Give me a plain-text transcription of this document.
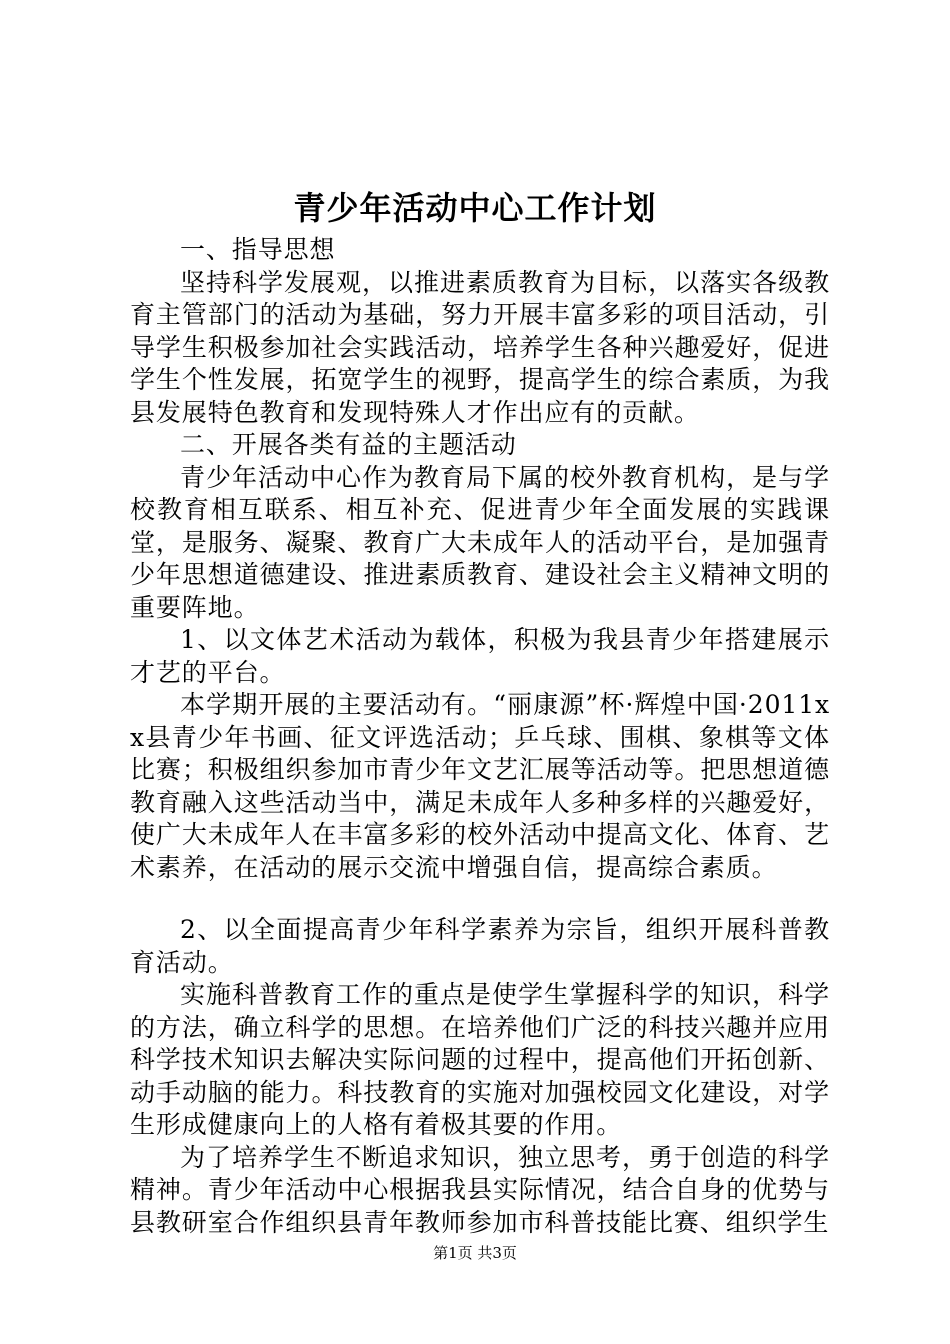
青少年活动中心工作计划

一、指导思想

坚持科学发展观，以推进素质教育为目标，以落实各级教育主管部门的活动为基础，努力开展丰富多彩的项目活动，引导学生积极参加社会实践活动，培养学生各种兴趣爱好，促进学生个性发展，拓宽学生的视野，提高学生的综合素质，为我县发展特色教育和发现特殊人才作出应有的贡献。

二、开展各类有益的主题活动

青少年活动中心作为教育局下属的校外教育机构，是与学校教育相互联系、相互补充、促进青少年全面发展的实践课堂，是服务、凝聚、教育广大未成年人的活动平台，是加强青少年思想道德建设、推进素质教育、建设社会主义精神文明的重要阵地。

1、以文体艺术活动为载体，积极为我县青少年搭建展示才艺的平台。

本学期开展的主要活动有。“丽康源”杯·辉煌中国·2011xx县青少年书画、征文评选活动；乒乓球、围棋、象棋等文体比赛；积极组织参加市青少年文艺汇展等活动等。把思想道德教育融入这些活动当中，满足未成年人多种多样的兴趣爱好，使广大未成年人在丰富多彩的校外活动中提高文化、体育、艺术素养，在活动的展示交流中增强自信，提高综合素质。

2、以全面提高青少年科学素养为宗旨，组织开展科普教育活动。

实施科普教育工作的重点是使学生掌握科学的知识，科学的方法，确立科学的思想。在培养他们广泛的科技兴趣并应用科学技术知识去解决实际问题的过程中，提高他们开拓创新、动手动脑的能力。科技教育的实施对加强校园文化建设，对学生形成健康向上的人格有着极其要的作用。

为了培养学生不断追求知识，独立思考，勇于创造的科学精神。青少年活动中心根据我县实际情况，结合自身的优势与县教研室合作组织县青年教师参加市科普技能比赛、组织学生

第1页 共3页
